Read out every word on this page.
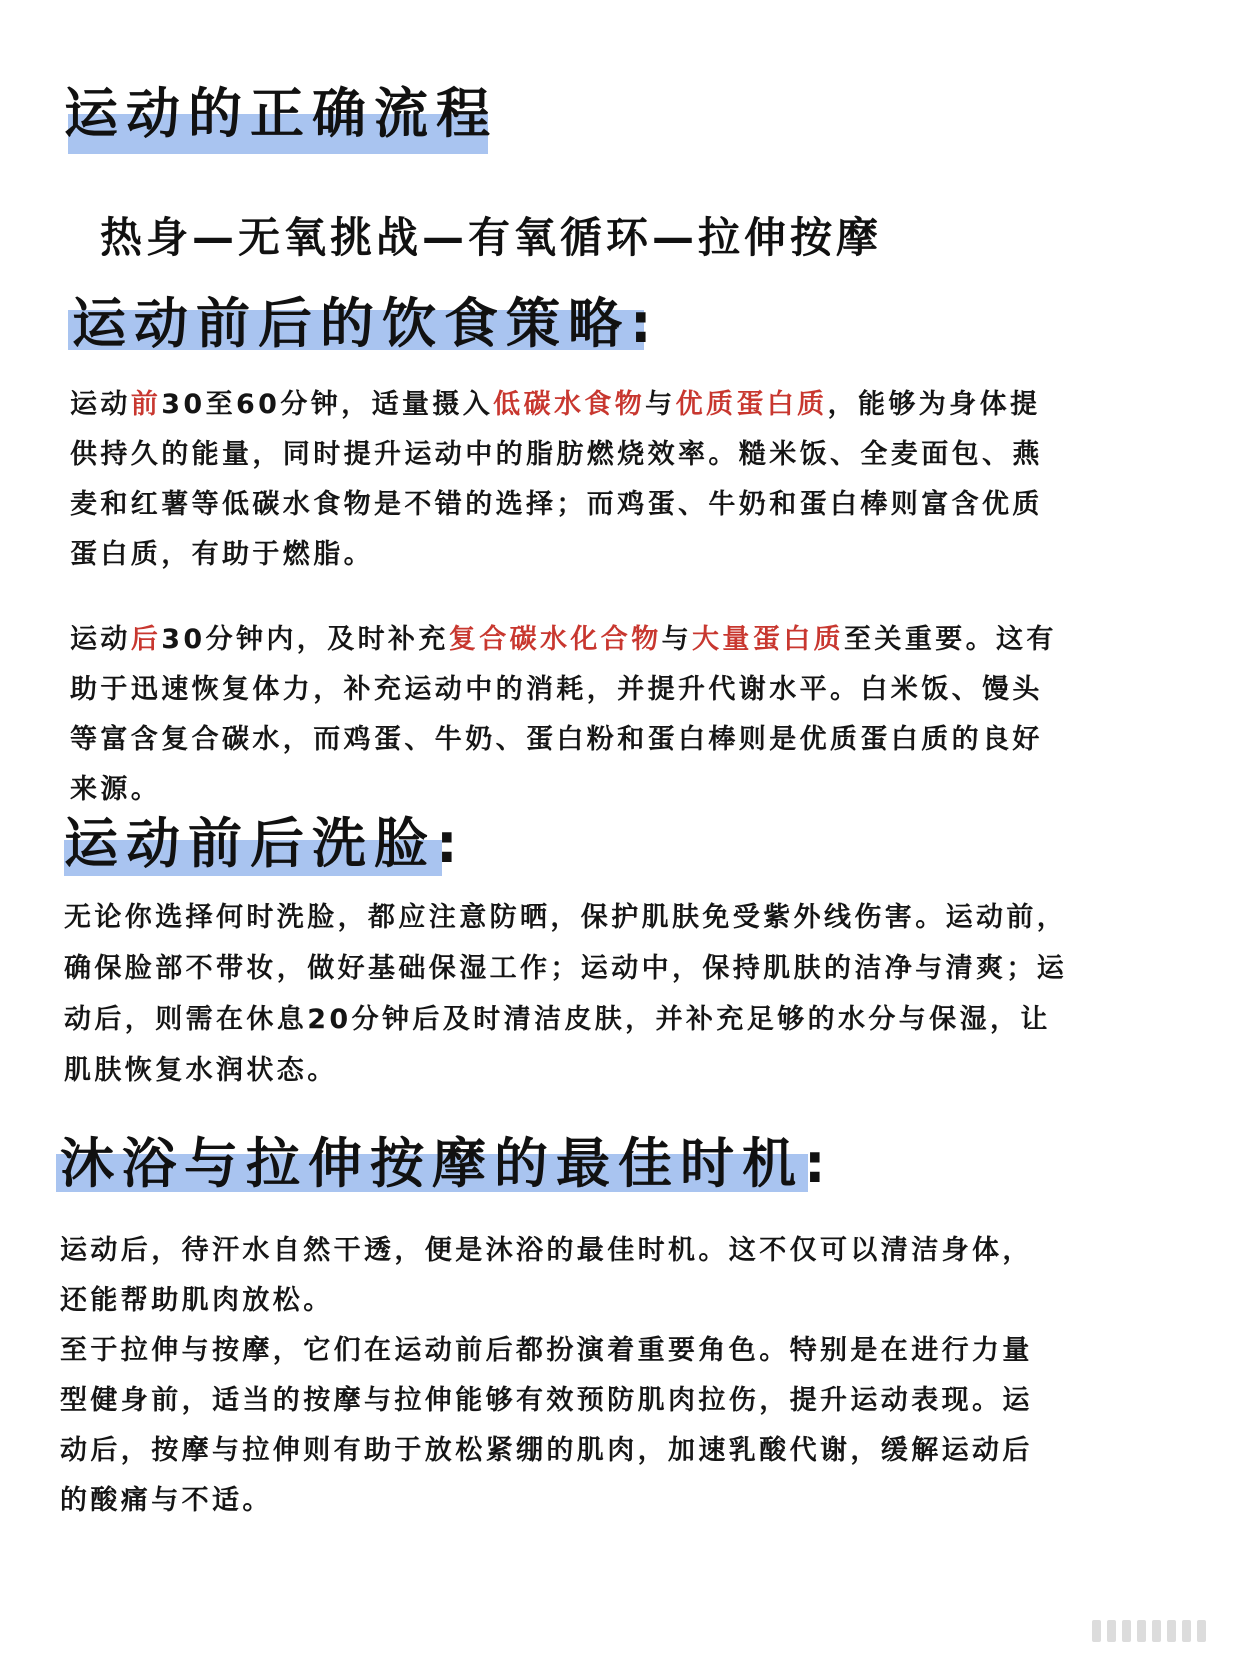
运动的正确流程
热身—无氧挑战—有氧循环—拉伸按摩
运动前后的饮食策略:
运动前30至60分钟，适量摄入低碳水食物与优质蛋白质，能够为身体提供持久的能量，同时提升运动中的脂肪燃烧效率。糙米饭、全麦面包、燕麦和红薯等低碳水食物是不错的选择；而鸡蛋、牛奶和蛋白棒则富含优质蛋白质，有助于燃脂。
运动后30分钟内，及时补充复合碳水化合物与大量蛋白质至关重要。这有助于迅速恢复体力，补充运动中的消耗，并提升代谢水平。白米饭、馒头等富含复合碳水，而鸡蛋、牛奶、蛋白粉和蛋白棒则是优质蛋白质的良好来源。
运动前后洗脸:
无论你选择何时洗脸，都应注意防晒，保护肌肤免受紫外线伤害。运动前，确保脸部不带妆，做好基础保湿工作；运动中，保持肌肤的洁净与清爽；运动后，则需在休息20分钟后及时清洁皮肤，并补充足够的水分与保湿，让肌肤恢复水润状态。
沐浴与拉伸按摩的最佳时机:
运动后，待汗水自然干透，便是沐浴的最佳时机。这不仅可以清洁身体，还能帮助肌肉放松。
至于拉伸与按摩，它们在运动前后都扮演着重要角色。特别是在进行力量型健身前，适当的按摩与拉伸能够有效预防肌肉拉伤，提升运动表现。运动后，按摩与拉伸则有助于放松紧绷的肌肉，加速乳酸代谢，缓解运动后的酸痛与不适。
